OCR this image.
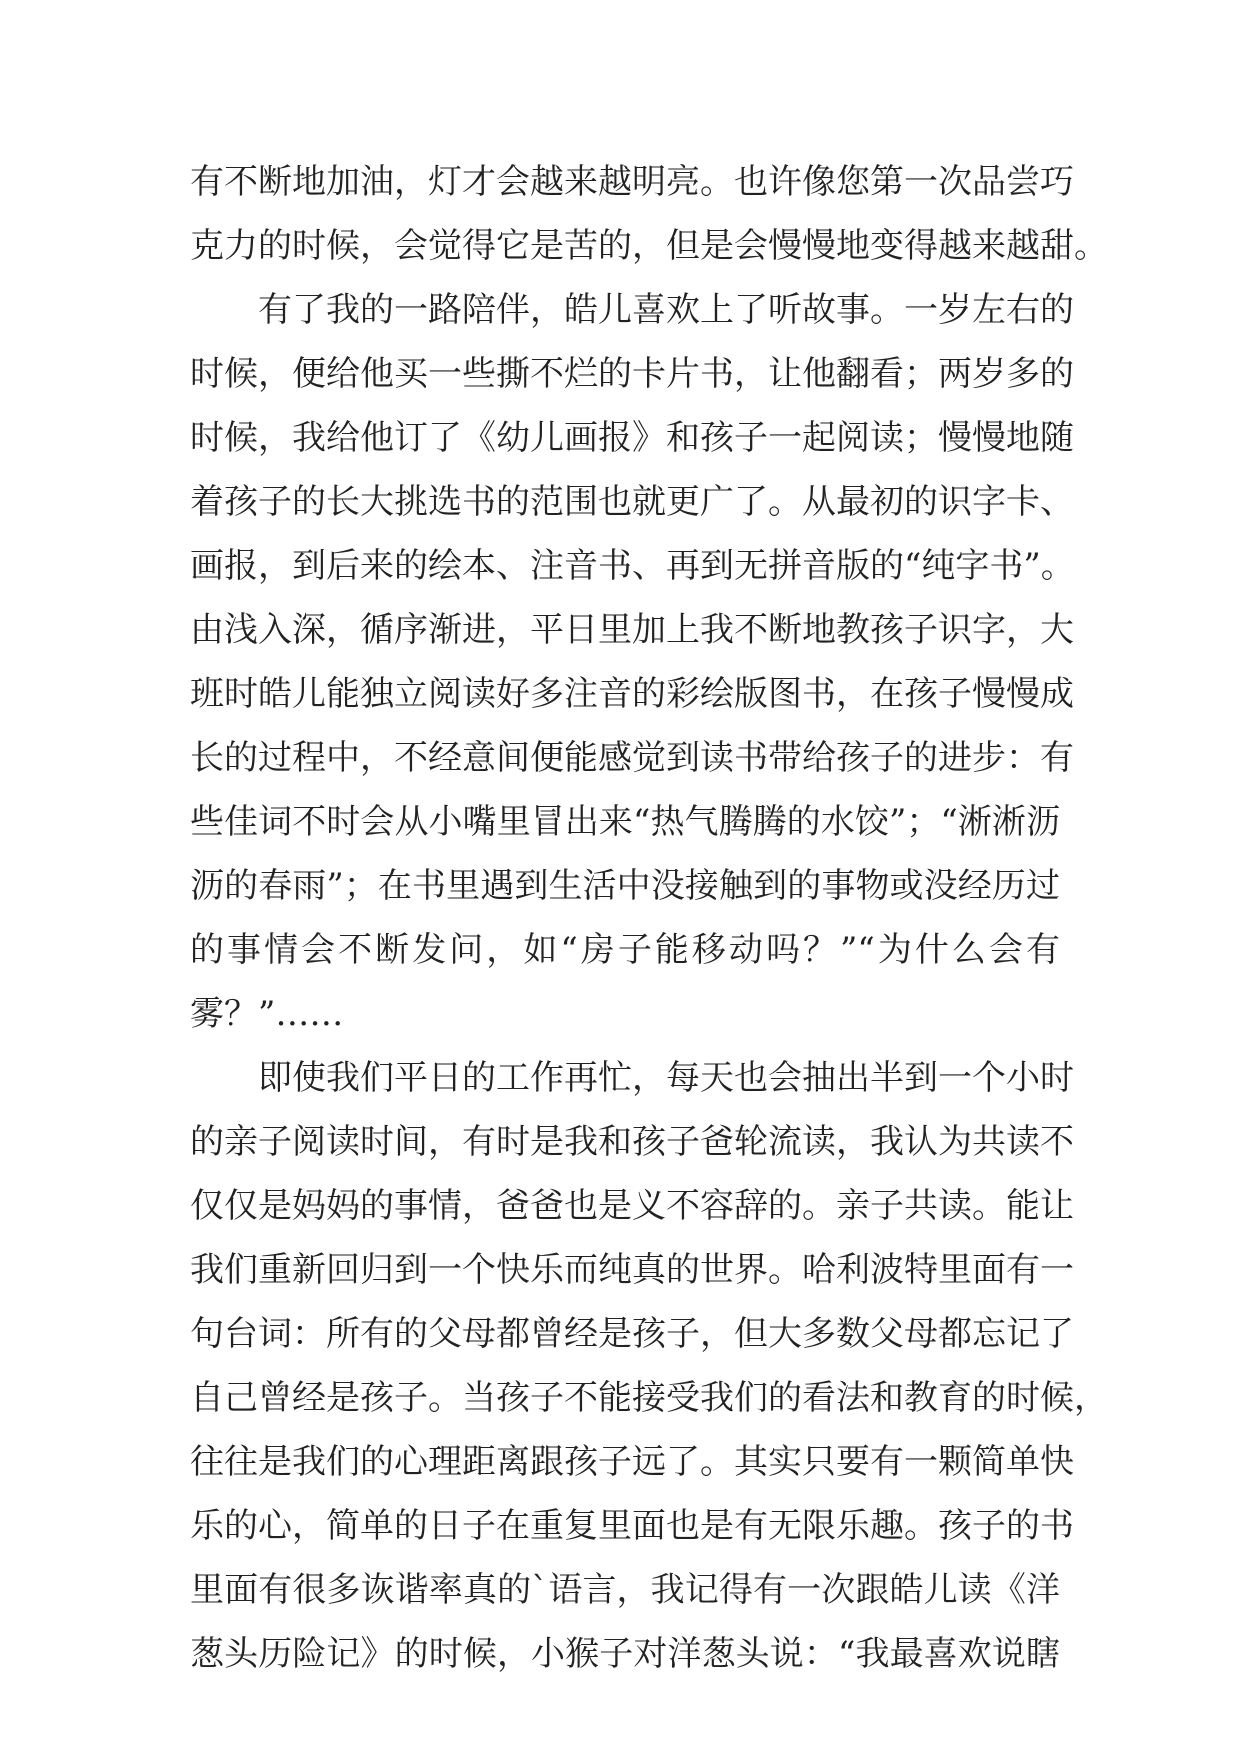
有不断地加油，灯才会越来越明亮。也许像您第一次品尝巧
克力的时候，会觉得它是苦的，但是会慢慢地变得越来越甜。
有了我的一路陪伴，皓儿喜欢上了听故事。一岁左右的
时候，便给他买一些撕不烂的卡片书，让他翻看；两岁多的
时候，我给他订了《幼儿画报》和孩子一起阅读；慢慢地随
着孩子的长大挑选书的范围也就更广了。从最初的识字卡、
画报，到后来的绘本、注音书、再到无拼音版的“纯字书”。
由浅入深，循序渐进，平日里加上我不断地教孩子识字，大
班时皓儿能独立阅读好多注音的彩绘版图书，在孩子慢慢成
长的过程中，不经意间便能感觉到读书带给孩子的进步：有
些佳词不时会从小嘴里冒出来“热气腾腾的水饺”；“淅淅沥
沥的春雨”；在书里遇到生活中没接触到的事物或没经历过
的事情会不断发问，如“房子能移动吗？”“为什么会有
雾？”……
即使我们平日的工作再忙，每天也会抽出半到一个小时
的亲子阅读时间，有时是我和孩子爸轮流读，我认为共读不
仅仅是妈妈的事情，爸爸也是义不容辞的。亲子共读。能让
我们重新回归到一个快乐而纯真的世界。哈利波特里面有一
句台词：所有的父母都曾经是孩子，但大多数父母都忘记了
自己曾经是孩子。当孩子不能接受我们的看法和教育的时候，
往往是我们的心理距离跟孩子远了。其实只要有一颗简单快
乐的心，简单的日子在重复里面也是有无限乐趣。孩子的书
里面有很多诙谐率真的`语言，我记得有一次跟皓儿读《洋
葱头历险记》的时候，小猴子对洋葱头说：“我最喜欢说瞎
